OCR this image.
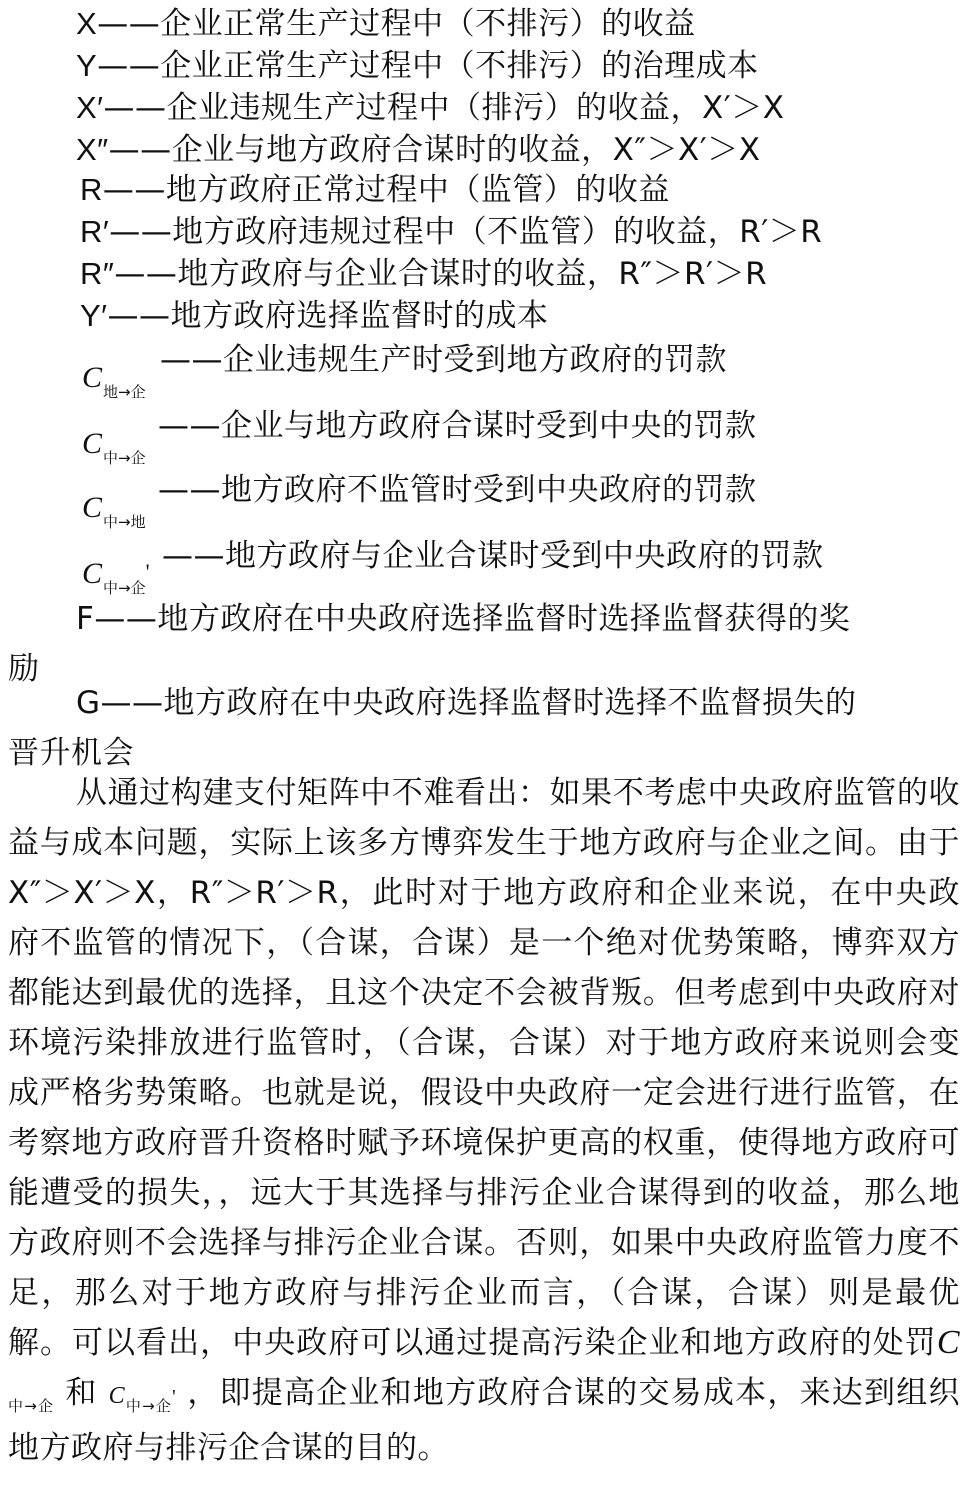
X——企业正常生产过程中（不排污）的收益
Y——企业正常生产过程中（不排污）的治理成本
X′——企业违规生产过程中（排污）的收益，X′＞X
X″——企业与地方政府合谋时的收益，X″＞X′＞X
R——地方政府正常过程中（监管）的收益
R′——地方政府违规过程中（不监管）的收益，R′＞R
R″——地方政府与企业合谋时的收益，R″＞R′＞R
Y′——地方政府选择监督时的成本
$C_{地\to 企}$
——企业违规生产时受到地方政府的罚款
$C_{中\to 企}$
——企业与地方政府合谋时受到中央的罚款
$C_{中\to 地}$
——地方政府不监管时受到中央政府的罚款
$C_{中\to 企}'$ ——地方政府与企业合谋时受到中央政府的罚款
F——地方政府在中央政府选择监督时选择监督获得的奖
励
G——地方政府在中央政府选择监督时选择不监督损失的
晋升机会
从通过构建支付矩阵中不难看出：如果不考虑中央政府监管的收益与成本问题，实际上该多方博弈发生于地方政府与企业之间。由于 X″＞X′＞X，R″＞R′＞R，此时对于地方政府和企业来说，在中央政府不监管的情况下，（合谋，合谋）是一个绝对优势策略，博弈双方都能达到最优的选择，且这个决定不会被背叛。但考虑到中央政府对环境污染排放进行监管时，（合谋，合谋）对于地方政府来说则会变成严格劣势策略。也就是说，假设中央政府一定会进行进行监管，在考察地方政府晋升资格时赋予环境保护更高的权重，使得地方政府可能遭受的损失，，远大于其选择与排污企业合谋得到的收益，那么地方政府则不会选择与排污企业合谋。否则，如果中央政府监管力度不足，那么对于地方政府与排污企业而言，（合谋，合谋）则是最优解。可以看出，中央政府可以通过提高污染企业和地方政府的处罚$C_{中\to 企}$ 和 $C_{中\to 企}'$ ，即提高企业和地方政府合谋的交易成本，来达到组织地方政府与排污企合谋的目的。
